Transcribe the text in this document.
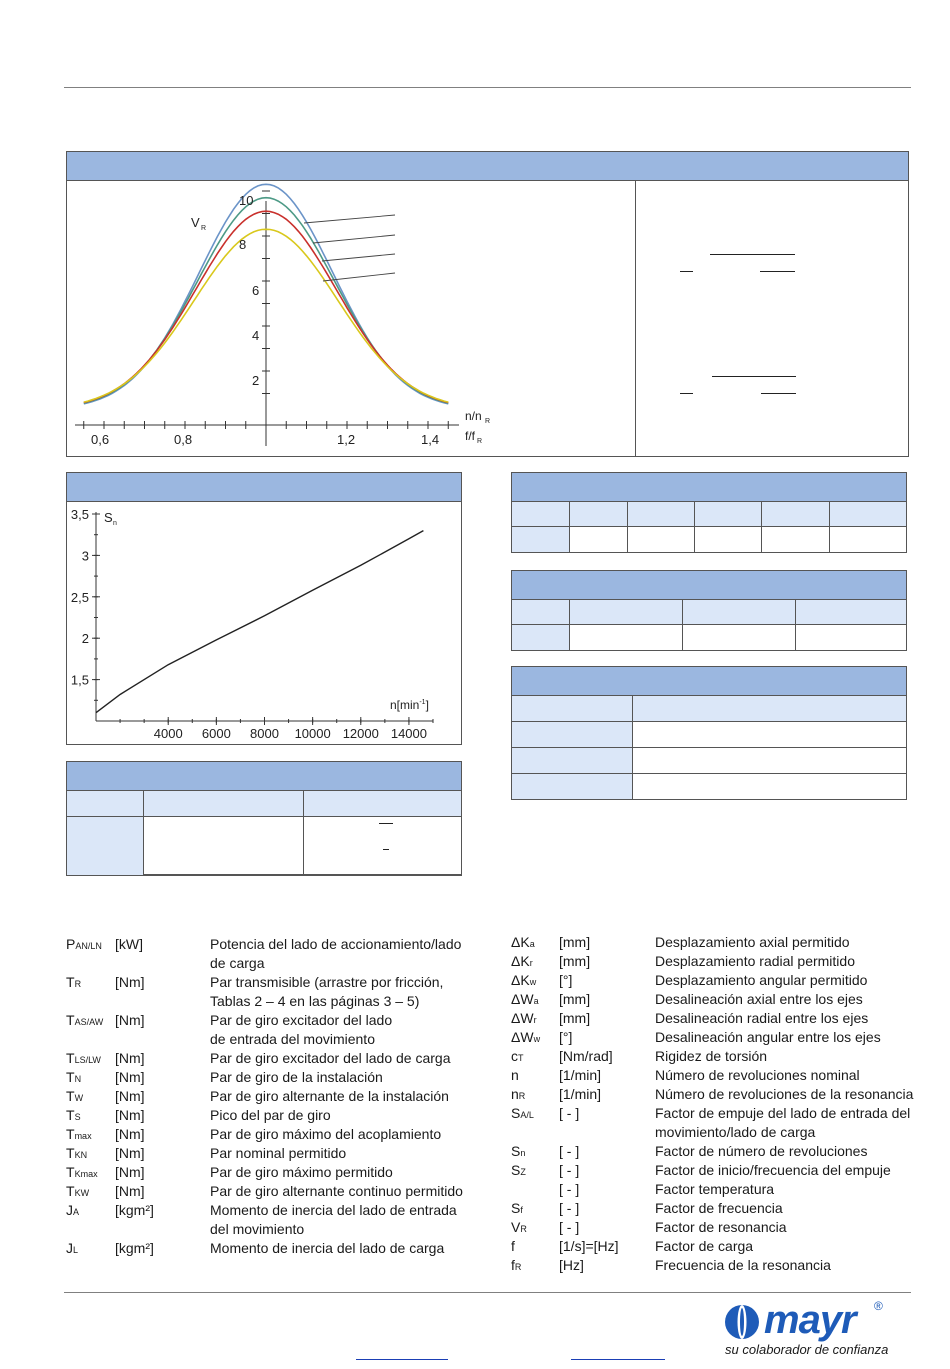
10
8
6
4
2
V R
0,6	0,8	1,2	1,4
n/n R
f/f R
4000 6000 8000 10000 12000 14000
1,5
2
2,5
3
3,5 S n
$n[\min^{-1}]$

PAN/LN [kW]	Potencia del lado de accionamiento/lado
de carga
TR [Nm]	Par transmisible (arrastre por fricción,
Tablas 2 – 4 en las páginas 3 – 5)
TAS/AW [Nm]	Par de giro excitador del lado
de entrada del movimiento
TLS/LW [Nm]	Par de giro excitador del lado de carga
TN [Nm]	Par de giro de la instalación
TW [Nm]	Par de giro alternante de la instalación
TS [Nm]	Pico del par de giro
Tmax [Nm]	Par de giro máximo del acoplamiento
TKN [Nm]	Par nominal permitido
TKmax [Nm]	Par de giro máximo permitido
TKW [Nm]	Par de giro alternante continuo permitido
JA	[kgm²]	Momento de inercia del lado de entrada
del movimiento
JL	[kgm²]	Momento de inercia del lado de carga
ΔKa [mm]	Desplazamiento axial permitido
ΔKr [mm]	Desplazamiento radial permitido
ΔKw [°]	Desplazamiento angular permitido
ΔWa [mm]	Desalineación axial entre los ejes
ΔWr [mm]	Desalineación radial entre los ejes
ΔWw [°]	Desalineación angular entre los ejes
cT	[Nm/rad]	Rigidez de torsión
n	[1/min]	Número de revoluciones nominal
nR [1/min]	Número de revoluciones de la resonancia
SA/L [ - ]	Factor de empuje del lado de entrada del
movimiento/lado de carga
Sn [ - ]	Factor de número de revoluciones
SZ [ - ]	Factor de inicio/frecuencia del empuje
[ - ]	Factor temperatura
Sf	[ - ]	Factor de frecuencia
VR [ - ]	Factor de resonancia
f	[1/s]=[Hz]	Factor de carga
fR	[Hz]	Frecuencia de la resonancia
mayr ®
su colaborador de confianza
